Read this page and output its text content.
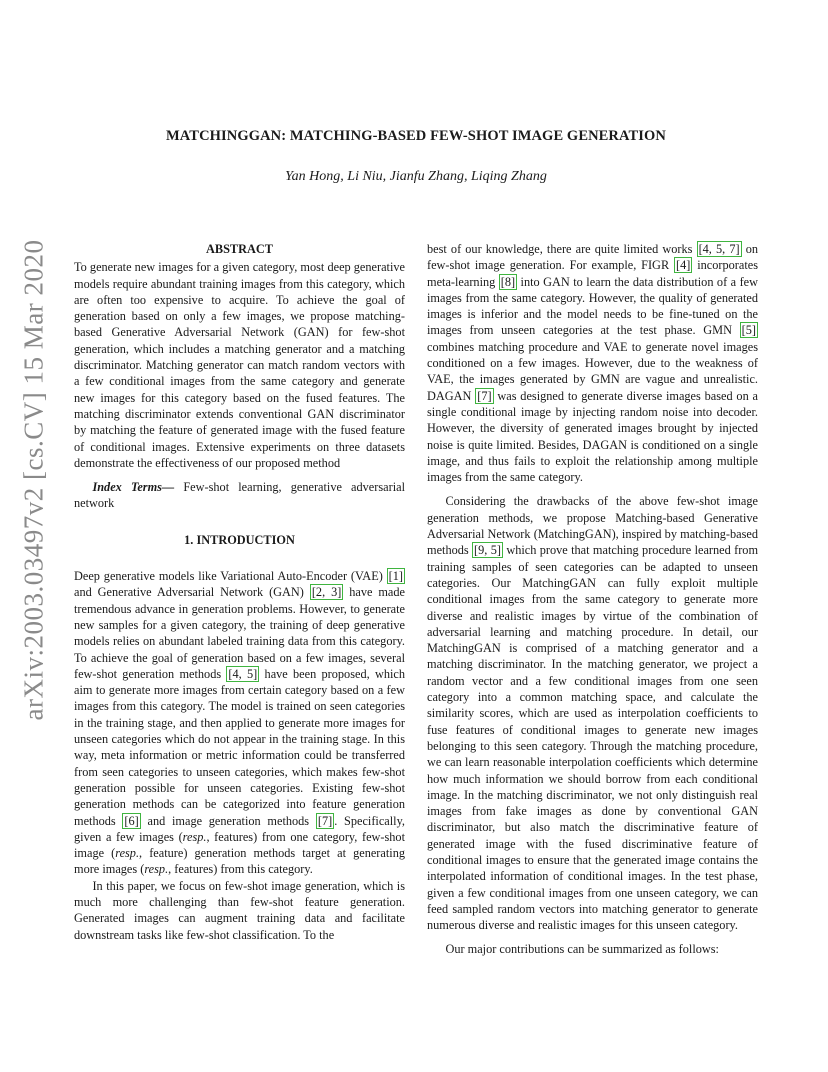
arXiv:2003.03497v2 [cs.CV] 15 Mar 2020
MATCHINGGAN: MATCHING-BASED FEW-SHOT IMAGE GENERATION
Yan Hong, Li Niu, Jianfu Zhang, Liqing Zhang
ABSTRACT

To generate new images for a given category, most deep generative models require abundant training images from this category, which are often too expensive to acquire. To achieve the goal of generation based on only a few images, we propose matching-based Generative Adversarial Network (GAN) for few-shot generation, which includes a matching generator and a matching discriminator. Matching generator can match random vectors with a few conditional images from the same category and generate new images for this category based on the fused features. The matching discriminator extends conventional GAN discriminator by matching the feature of generated image with the fused feature of conditional images. Extensive experiments on three datasets demonstrate the effectiveness of our proposed method

Index Terms— Few-shot learning, generative adversarial network

1. INTRODUCTION

Deep generative models like Variational Auto-Encoder (VAE) [1] and Generative Adversarial Network (GAN) [2, 3] have made tremendous advance in generation problems. However, to generate new samples for a given category, the training of deep generative models relies on abundant labeled training data from this category. To achieve the goal of generation based on a few images, several few-shot generation methods [4, 5] have been proposed, which aim to generate more images from certain category based on a few images from this category. The model is trained on seen categories in the training stage, and then applied to generate more images for unseen categories which do not appear in the training stage. In this way, meta information or metric information could be transferred from seen categories to unseen categories, which makes few-shot generation possible for unseen categories. Existing few-shot generation methods can be categorized into feature generation methods [6] and image generation methods [7] . Specifically, given a few images (resp., features) from one category, few-shot image (resp., feature) generation methods target at generating more images (resp., features) from this category.

In this paper, we focus on few-shot image generation, which is much more challenging than few-shot feature generation. Generated images can augment training data and facilitate downstream tasks like few-shot classification. To the

best of our knowledge, there are quite limited works [4, 5, 7] on few-shot image generation. For example, FIGR [4] incorporates meta-learning [8] into GAN to learn the data distribution of a few images from the same category. However, the quality of generated images is inferior and the model needs to be fine-tuned on the images from unseen categories at the test phase. GMN [5] combines matching procedure and VAE to generate novel images conditioned on a few images. However, due to the weakness of VAE, the images generated by GMN are vague and unrealistic. DAGAN [7] was designed to generate diverse images based on a single conditional image by injecting random noise into decoder. However, the diversity of generated images brought by injected noise is quite limited. Besides, DAGAN is conditioned on a single image, and thus fails to exploit the relationship among multiple images from the same category.

Considering the drawbacks of the above few-shot image generation methods, we propose Matching-based Generative Adversarial Network (MatchingGAN), inspired by matching-based methods [9, 5] which prove that matching procedure learned from training samples of seen categories can be adapted to unseen categories. Our MatchingGAN can fully exploit multiple conditional images from the same category to generate more diverse and realistic images by virtue of the combination of adversarial learning and matching procedure. In detail, our MatchingGAN is comprised of a matching generator and a matching discriminator. In the matching generator, we project a random vector and a few conditional images from one seen category into a common matching space, and calculate the similarity scores, which are used as interpolation coefficients to fuse features of conditional images to generate new images belonging to this seen category. Through the matching procedure, we can learn reasonable interpolation coefficients which determine how much information we should borrow from each conditional image. In the matching discriminator, we not only distinguish real images from fake images as done by conventional GAN discriminator, but also match the discriminative feature of generated image with the fused discriminative feature of conditional images to ensure that the generated image contains the interpolated information of conditional images. In the test phase, given a few conditional images from one unseen category, we can feed sampled random vectors into matching generator to generate numerous diverse and realistic images for this unseen category.

Our major contributions can be summarized as follows:
